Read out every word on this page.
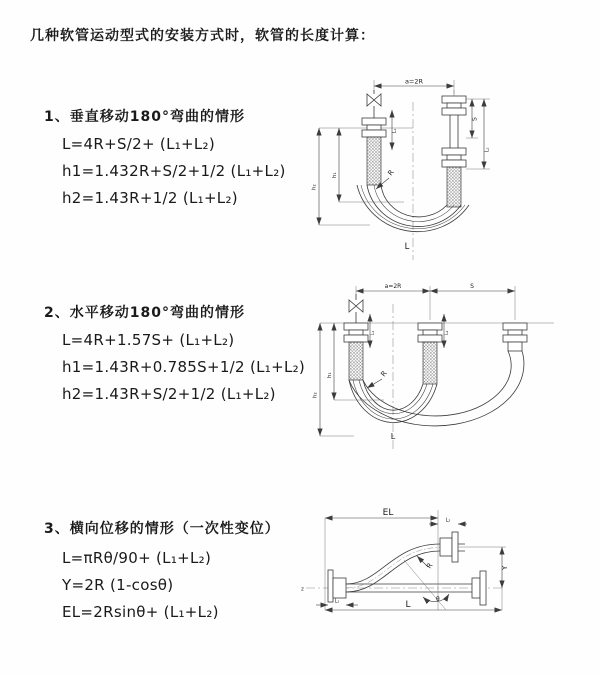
几种软管运动型式的安装方式时，软管的长度计算：
1、垂直移动180°弯曲的情形
L=4R+S/2+ (L₁+L₂)
h1=1.432R+S/2+1/2 (L₁+L₂)
h2=1.43R+1/2 (L₁+L₂)
2、水平移动180°弯曲的情形
L=4R+1.57S+ (L₁+L₂)
h1=1.43R+0.785S+1/2 (L₁+L₂)
h2=1.43R+S/2+1/2 (L₁+L₂)
3、横向位移的情形（一次性变位）
L=πRθ/90+ (L₁+L₂)
Y=2R (1-cosθ)
EL=2Rsinθ+ (L₁+L₂)
a=2R
h₂
h₁
S
L₂
L₁
R
L
a=2R	S
h₂
h₁
L₁	L₂
R
L
z
EL
L₂
Y
L
L₁	θ
R
